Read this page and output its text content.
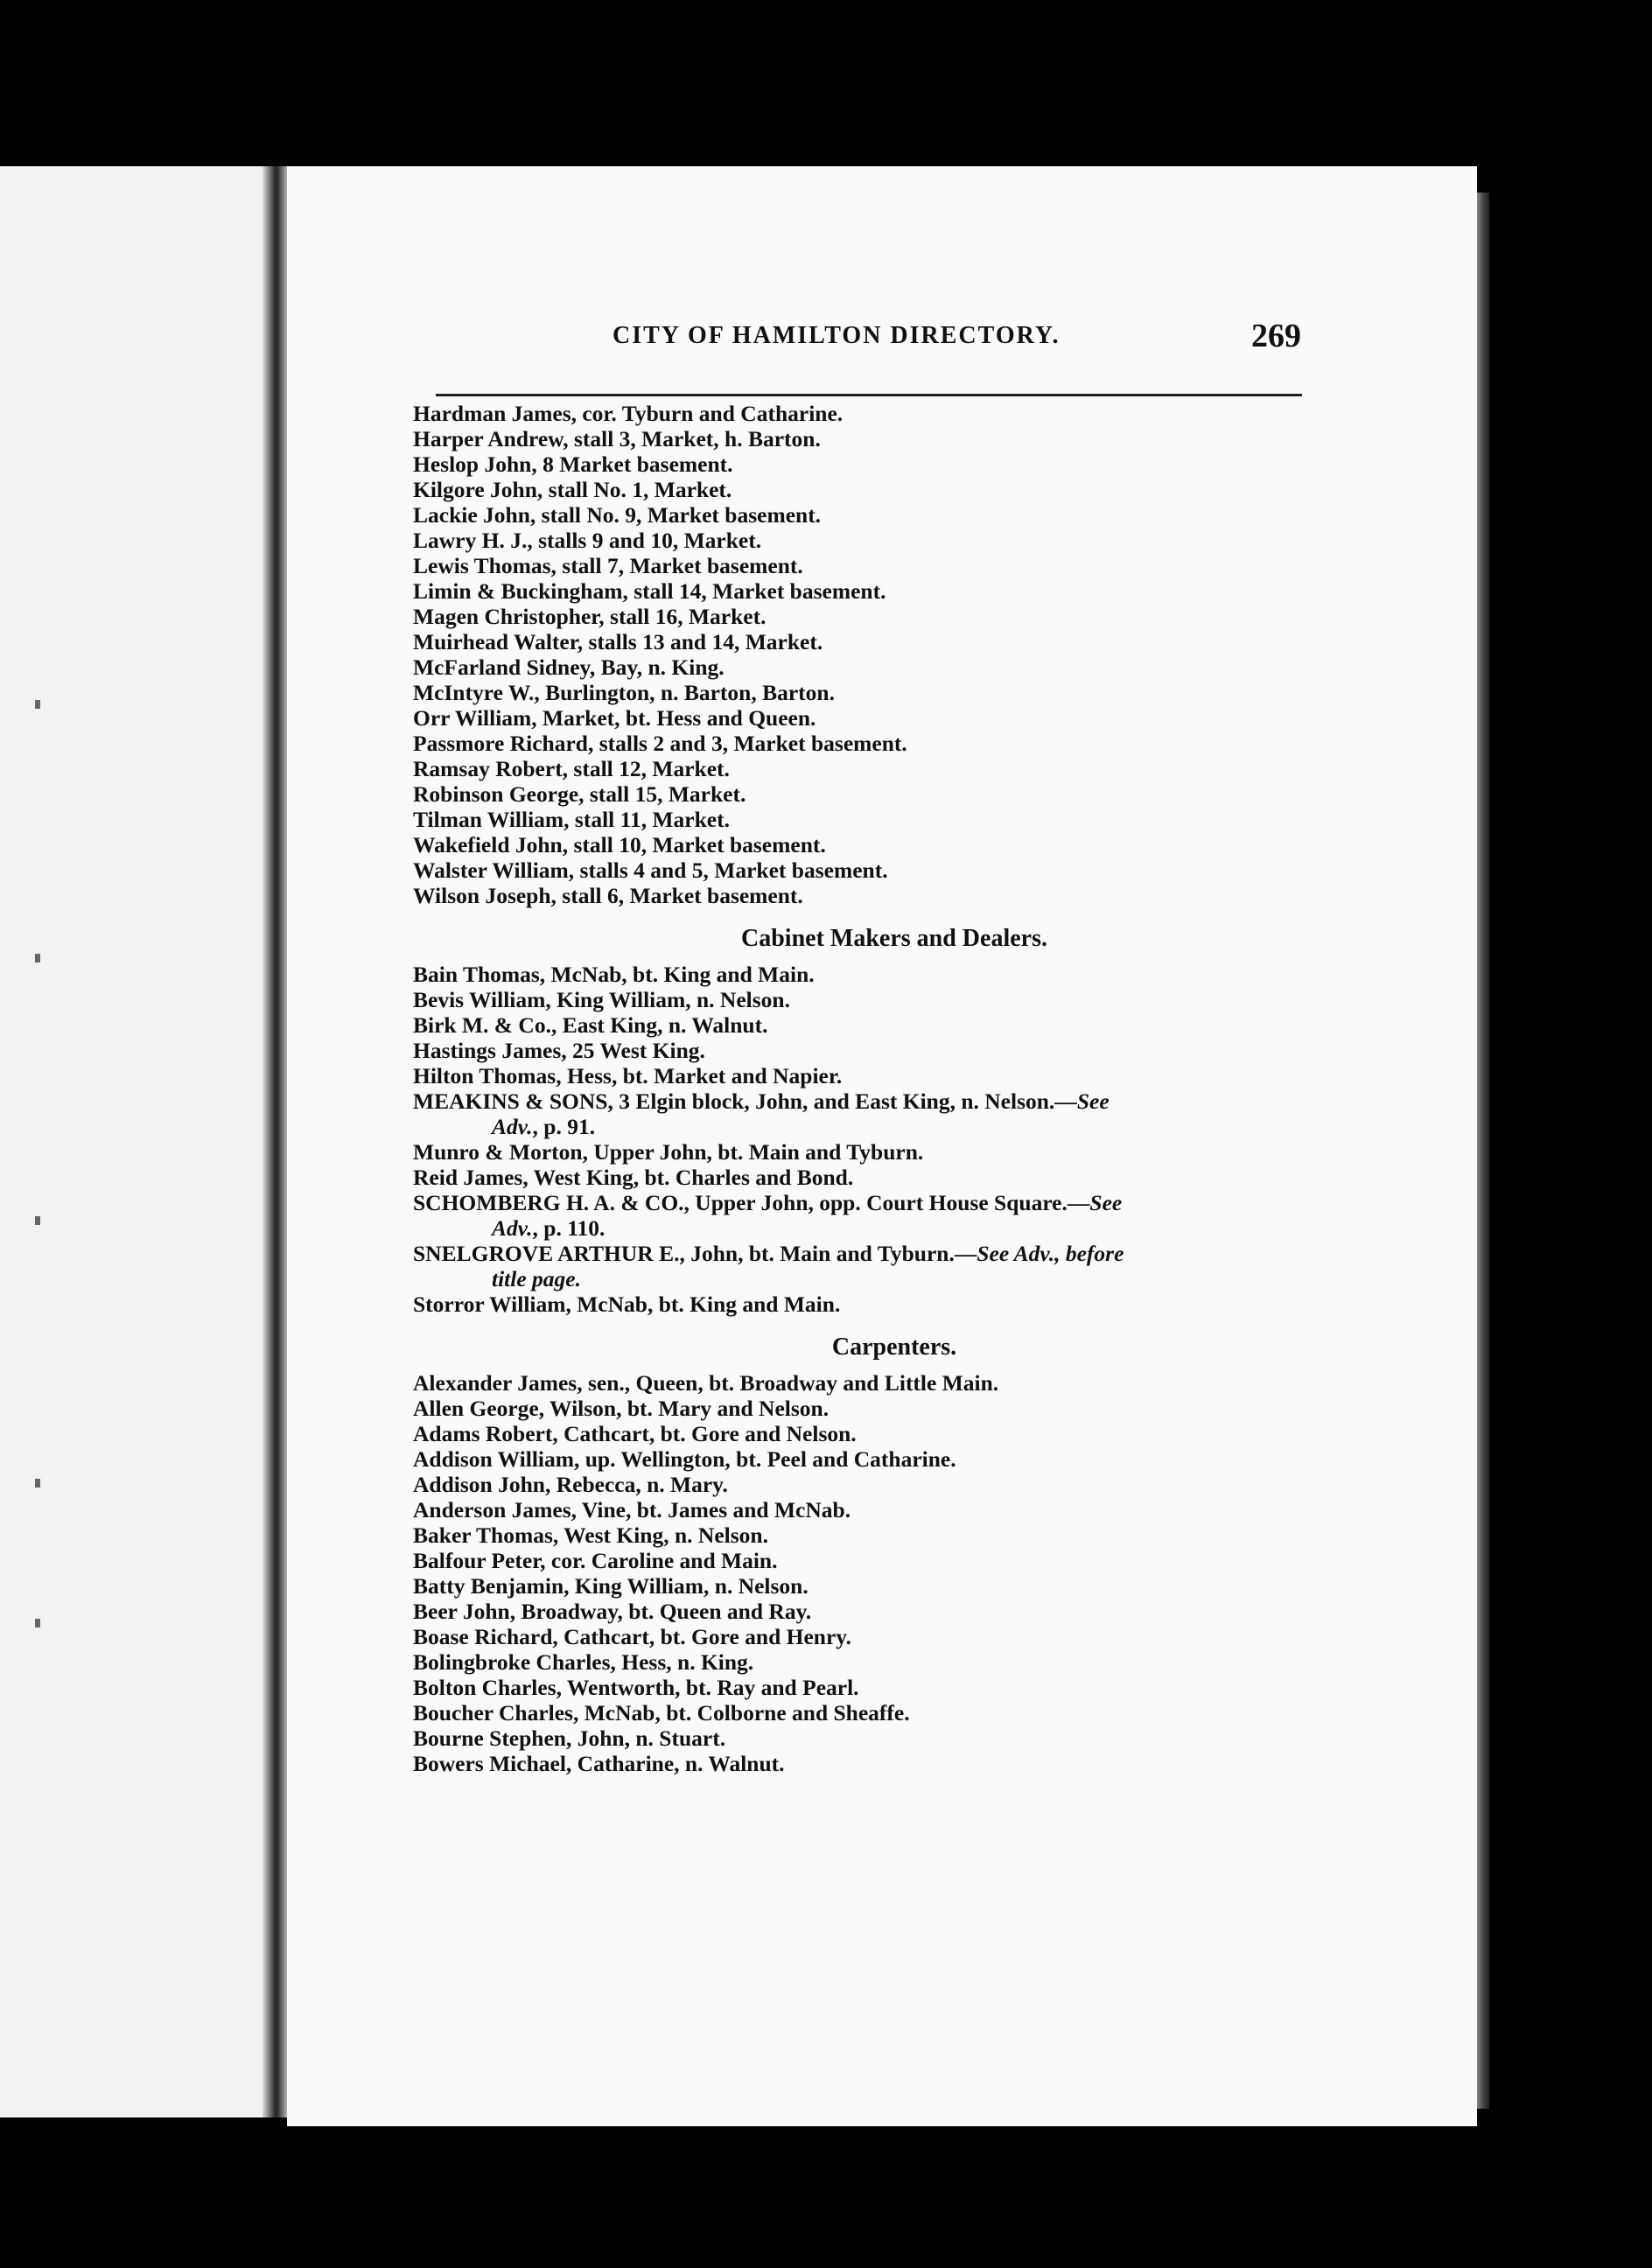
CITY OF HAMILTON DIRECTORY.	269
Hardman James, cor. Tyburn and Catharine.
Harper Andrew, stall 3, Market, h. Barton.
Heslop John, 8 Market basement.
Kilgore John, stall No. 1, Market.
Lackie John, stall No. 9, Market basement.
Lawry H. J., stalls 9 and 10, Market.
Lewis Thomas, stall 7, Market basement.
Limin & Buckingham, stall 14, Market basement.
Magen Christopher, stall 16, Market.
Muirhead Walter, stalls 13 and 14, Market.
McFarland Sidney, Bay, n. King.
McIntyre W., Burlington, n. Barton, Barton.
Orr William, Market, bt. Hess and Queen.
Passmore Richard, stalls 2 and 3, Market basement.
Ramsay Robert, stall 12, Market.
Robinson George, stall 15, Market.
Tilman William, stall 11, Market.
Wakefield John, stall 10, Market basement.
Walster William, stalls 4 and 5, Market basement.
Wilson Joseph, stall 6, Market basement.
Cabinet Makers and Dealers.
Bain Thomas, McNab, bt. King and Main.
Bevis William, King William, n. Nelson.
Birk M. & Co., East King, n. Walnut.
Hastings James, 25 West King.
Hilton Thomas, Hess, bt. Market and Napier.
MEAKINS & SONS, 3 Elgin block, John, and East King, n. Nelson.—See
Adv., p. 91.
Munro & Morton, Upper John, bt. Main and Tyburn.
Reid James, West King, bt. Charles and Bond.
SCHOMBERG H. A. & CO., Upper John, opp. Court House Square.—See
Adv., p. 110.
SNELGROVE ARTHUR E., John, bt. Main and Tyburn.—See Adv., before
title page.
Storror William, McNab, bt. King and Main.
Carpenters.
Alexander James, sen., Queen, bt. Broadway and Little Main.
Allen George, Wilson, bt. Mary and Nelson.
Adams Robert, Cathcart, bt. Gore and Nelson.
Addison William, up. Wellington, bt. Peel and Catharine.
Addison John, Rebecca, n. Mary.
Anderson James, Vine, bt. James and McNab.
Baker Thomas, West King, n. Nelson.
Balfour Peter, cor. Caroline and Main.
Batty Benjamin, King William, n. Nelson.
Beer John, Broadway, bt. Queen and Ray.
Boase Richard, Cathcart, bt. Gore and Henry.
Bolingbroke Charles, Hess, n. King.
Bolton Charles, Wentworth, bt. Ray and Pearl.
Boucher Charles, McNab, bt. Colborne and Sheaffe.
Bourne Stephen, John, n. Stuart.
Bowers Michael, Catharine, n. Walnut.
